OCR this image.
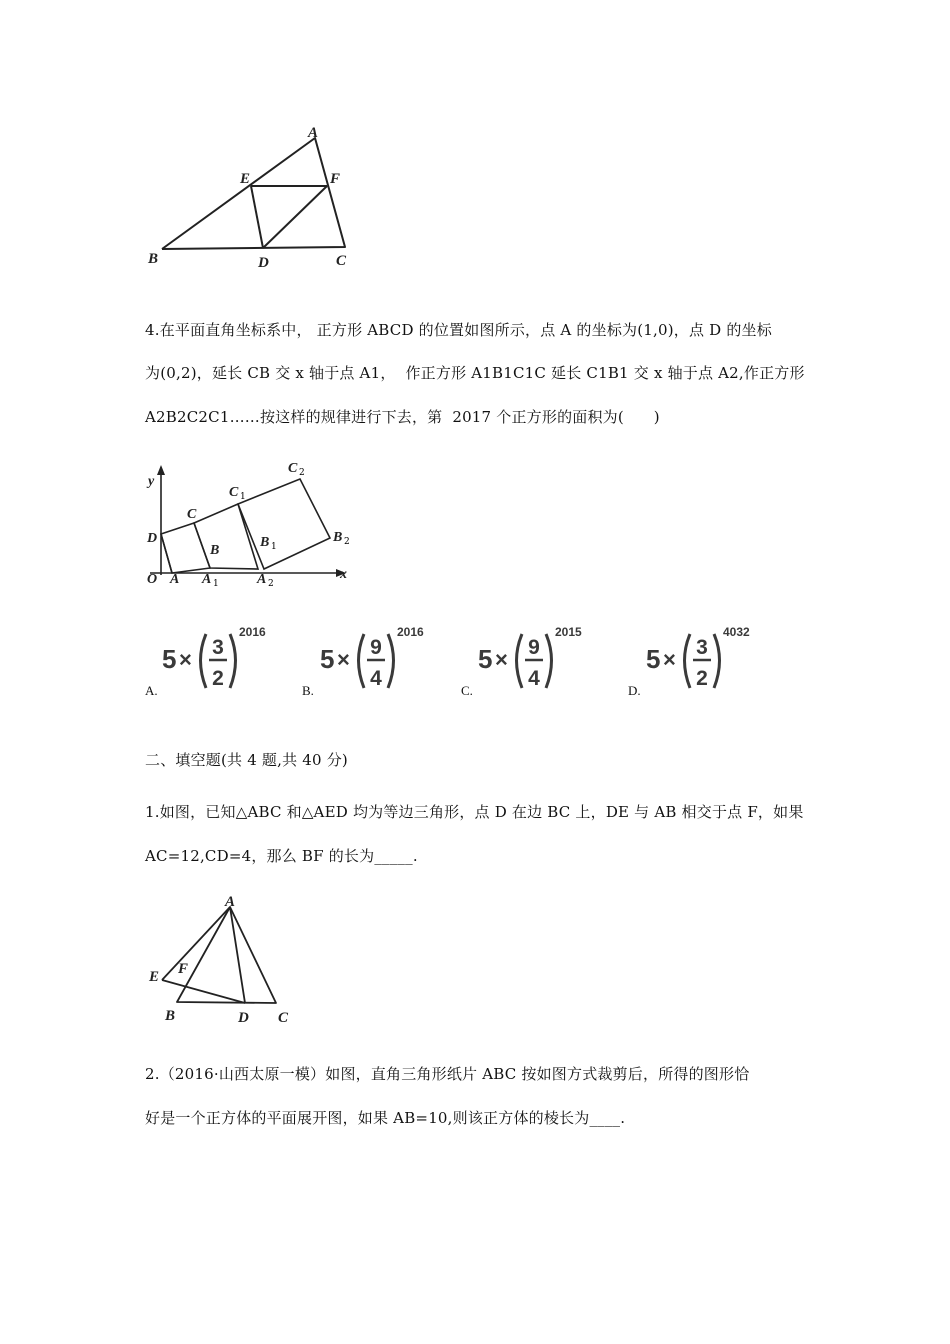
A
E	F
B	D	C
4.在平面直角坐标系中， 正方形 ABCD 的位置如图所示，点 A 的坐标为(1,0)，点 D 的坐标
为(0,2)，延长 CB 交 x 轴于点 A1，  作正方形 A1B1C1C 延长 C1B1 交 x 轴于点 A2,作正方形
A2B2C2C1……按这样的规律进行下去，第  2017 个正方形的面积为(      )
y
x
O A A 1	A 2
D
C
B
C 1
B 1
C 2
B 2
A.
5 × 3
2
2016
B.
5 × 9
4
2016
C.
5 × 9
4
2015
D.
5 × 3
2
4032
二、填空题(共 4 题,共 40 分)
1.如图，已知△ABC 和△AED 均为等边三角形，点 D 在边 BC 上，DE 与 AB 相交于点 F，如果
AC=12,CD=4，那么 BF 的长为_____.
A
E F
B	D C
2.（2016·山西太原一模）如图，直角三角形纸片 ABC 按如图方式裁剪后，所得的图形恰
好是一个正方体的平面展开图，如果 AB=10,则该正方体的棱长为____.
